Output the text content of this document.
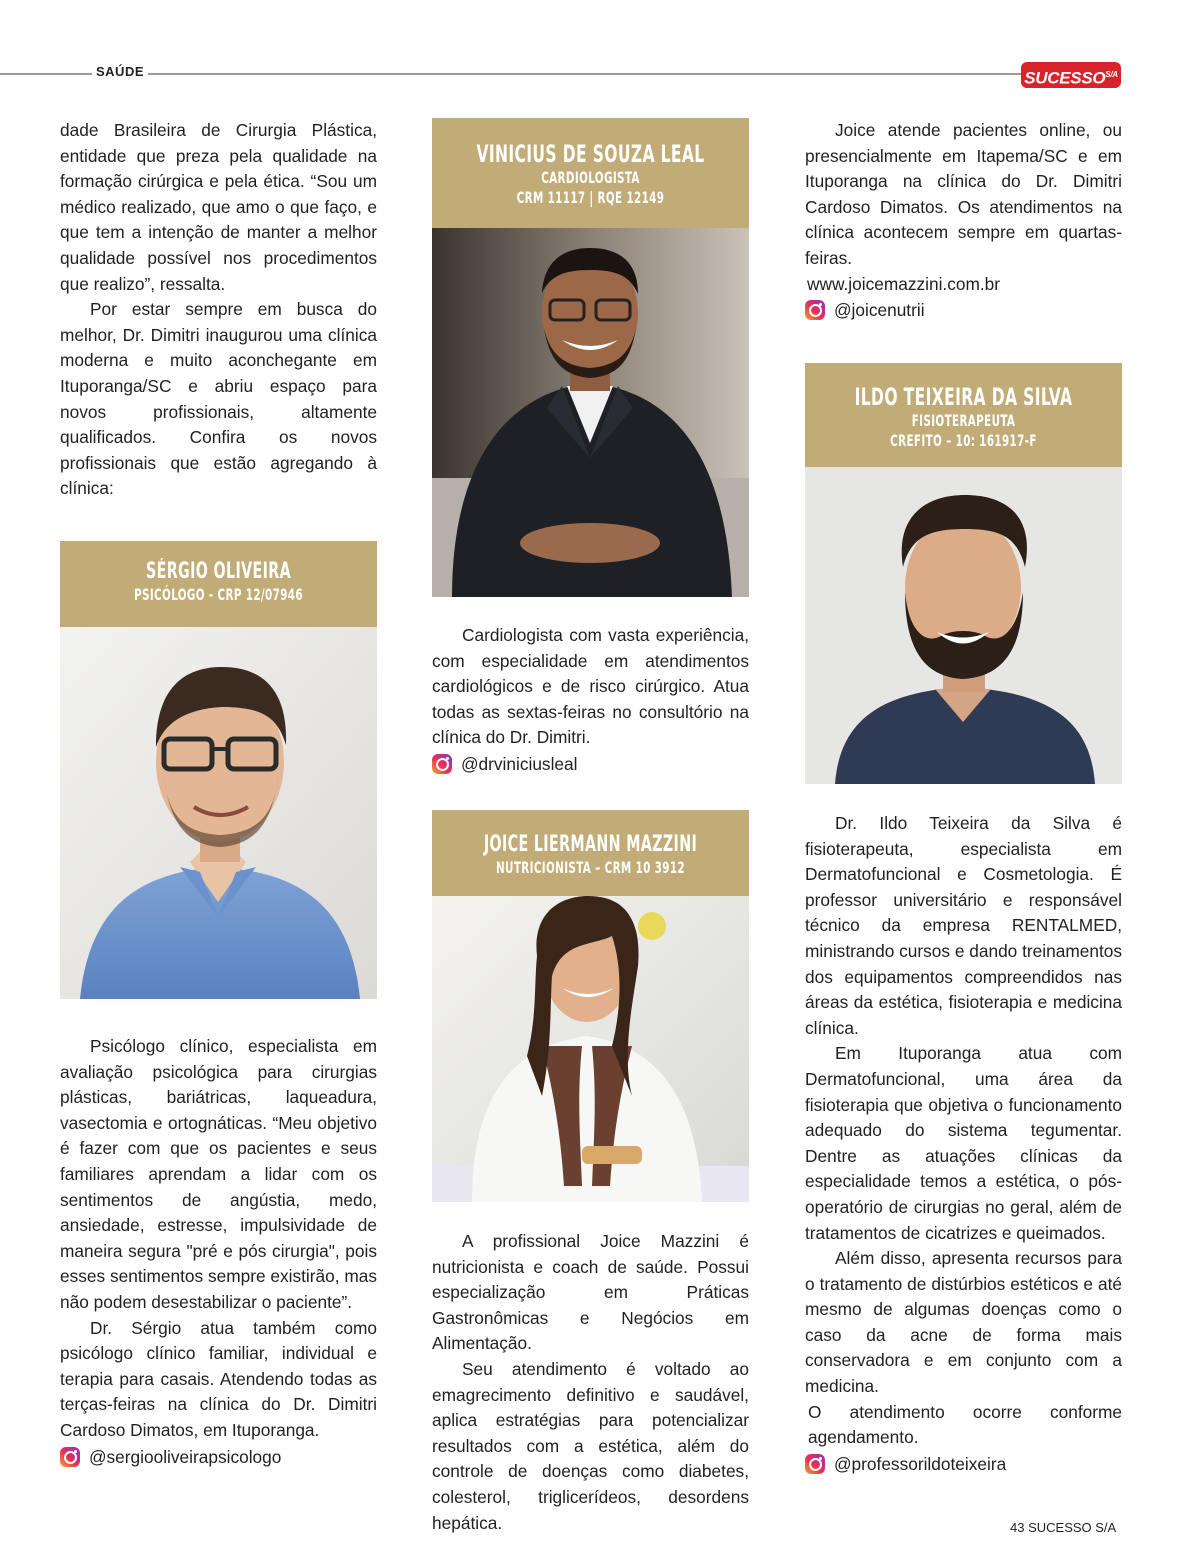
SAÚDE	$SUCESSO^{S/A}$

dade Brasileira de Cirurgia Plástica, entidade que preza pela qualidade na formação cirúrgica e pela ética. “Sou um médico realizado, que amo o que faço, e que tem a intenção de manter a melhor qualidade possível nos procedimentos que realizo”, ressalta.

Por estar sempre em busca do melhor, Dr. Dimitri inaugurou uma clínica moderna e muito aconchegante em Ituporanga/SC e abriu espaço para novos profissionais, altamente qualificados. Confira os novos profissionais que estão agregando à clínica:

SÉRGIO OLIVEIRA
PSICÓLOGO - CRP 12/07946

Psicólogo clínico, especialista em avaliação psicológica para cirurgias plásticas, bariátricas, laqueadura, vasectomia e ortognáticas. “Meu objetivo é fazer com que os pacientes e seus familiares aprendam a lidar com os sentimentos de angústia, medo, ansiedade, estresse, impulsividade de maneira segura "pré e pós cirurgia", pois esses sentimentos sempre existirão, mas não podem desestabilizar o paciente”.

Dr. Sérgio atua também como psicólogo clínico familiar, individual e terapia para casais. Atendendo todas as terças-feiras na clínica do Dr. Dimitri Cardoso Dimatos, em Ituporanga.

@sergiooliveirapsicologo
VINICIUS DE SOUZA LEAL
CARDIOLOGISTA
CRM 11117 | RQE 12149

Cardiologista com vasta experiência, com especialidade em atendimentos cardiológicos e de risco cirúrgico. Atua todas as sextas-feiras no consultório na clínica do Dr. Dimitri.

@drviniciusleal
JOICE LIERMANN MAZZINI
NUTRICIONISTA – CRM 10 3912

A profissional Joice Mazzini é nutricionista e coach de saúde. Possui especialização em Práticas Gastronômicas e Negócios em Alimentação.

Seu atendimento é voltado ao emagrecimento definitivo e saudável, aplica estratégias para potencializar resultados com a estética, além do controle de doenças como diabetes, colesterol, triglicerídeos, desordens hepática.

Joice atende pacientes online, ou presencialmente em Itapema/SC e em Ituporanga na clínica do Dr. Dimitri Cardoso Dimatos. Os atendimentos na clínica acontecem sempre em quartas-feiras.

www.joicemazzini.com.br

@joicenutrii
ILDO TEIXEIRA DA SILVA
FISIOTERAPEUTA
CREFITO – 10: 161917-F

Dr. Ildo Teixeira da Silva é fisioterapeuta, especialista em Dermatofuncional e Cosmetologia. É professor universitário e responsável técnico da empresa RENTALMED, ministrando cursos e dando treinamentos dos equipamentos compreendidos nas áreas da estética, fisioterapia e medicina clínica.

Em Ituporanga atua com Dermatofuncional, uma área da fisioterapia que objetiva o funcionamento adequado do sistema tegumentar. Dentre as atuações clínicas da especialidade temos a estética, o pós-operatório de cirurgias no geral, além de tratamentos de cicatrizes e queimados.

Além disso, apresenta recursos para o tratamento de distúrbios estéticos e até mesmo de algumas doenças como o caso da acne de forma mais conservadora e em conjunto com a medicina.

O atendimento ocorre conforme agendamento.

@professorildoteixeira
43 SUCESSO S/A
